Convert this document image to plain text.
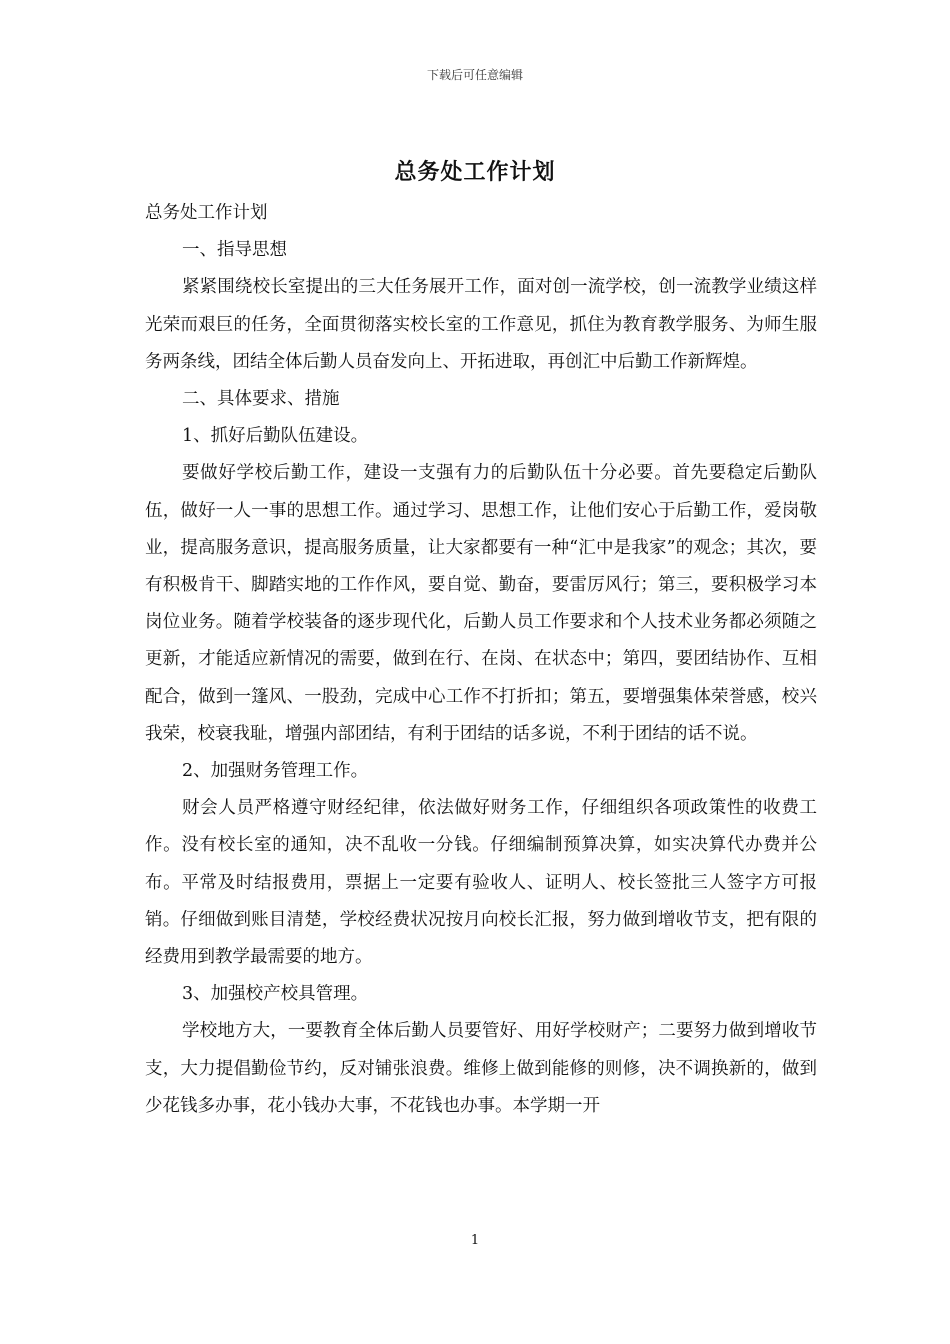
下载后可任意编辑
总务处工作计划

总务处工作计划

一、指导思想

紧紧围绕校长室提出的三大任务展开工作，面对创一流学校，创一流教学业绩这样光荣而艰巨的任务，全面贯彻落实校长室的工作意见，抓住为教育教学服务、为师生服务两条线，团结全体后勤人员奋发向上、开拓进取，再创汇中后勤工作新辉煌。

二、具体要求、措施

1、抓好后勤队伍建设。

要做好学校后勤工作，建设一支强有力的后勤队伍十分必要。首先要稳定后勤队伍，做好一人一事的思想工作。通过学习、思想工作，让他们安心于后勤工作，爱岗敬业，提高服务意识，提高服务质量，让大家都要有一种“汇中是我家”的观念；其次，要有积极肯干、脚踏实地的工作作风，要自觉、勤奋，要雷厉风行；第三，要积极学习本岗位业务。随着学校装备的逐步现代化，后勤人员工作要求和个人技术业务都必须随之更新，才能适应新情况的需要，做到在行、在岗、在状态中；第四，要团结协作、互相配合，做到一篷风、一股劲，完成中心工作不打折扣；第五，要增强集体荣誉感，校兴我荣，校衰我耻，增强内部团结，有利于团结的话多说，不利于团结的话不说。

2、加强财务管理工作。

财会人员严格遵守财经纪律，依法做好财务工作，仔细组织各项政策性的收费工作。没有校长室的通知，决不乱收一分钱。仔细编制预算决算，如实决算代办费并公布。平常及时结报费用，票据上一定要有验收人、证明人、校长签批三人签字方可报销。仔细做到账目清楚，学校经费状况按月向校长汇报，努力做到增收节支，把有限的经费用到教学最需要的地方。

3、加强校产校具管理。

学校地方大，一要教育全体后勤人员要管好、用好学校财产；二要努力做到增收节支，大力提倡勤俭节约，反对铺张浪费。维修上做到能修的则修，决不调换新的，做到少花钱多办事，花小钱办大事，不花钱也办事。本学期一开

1
